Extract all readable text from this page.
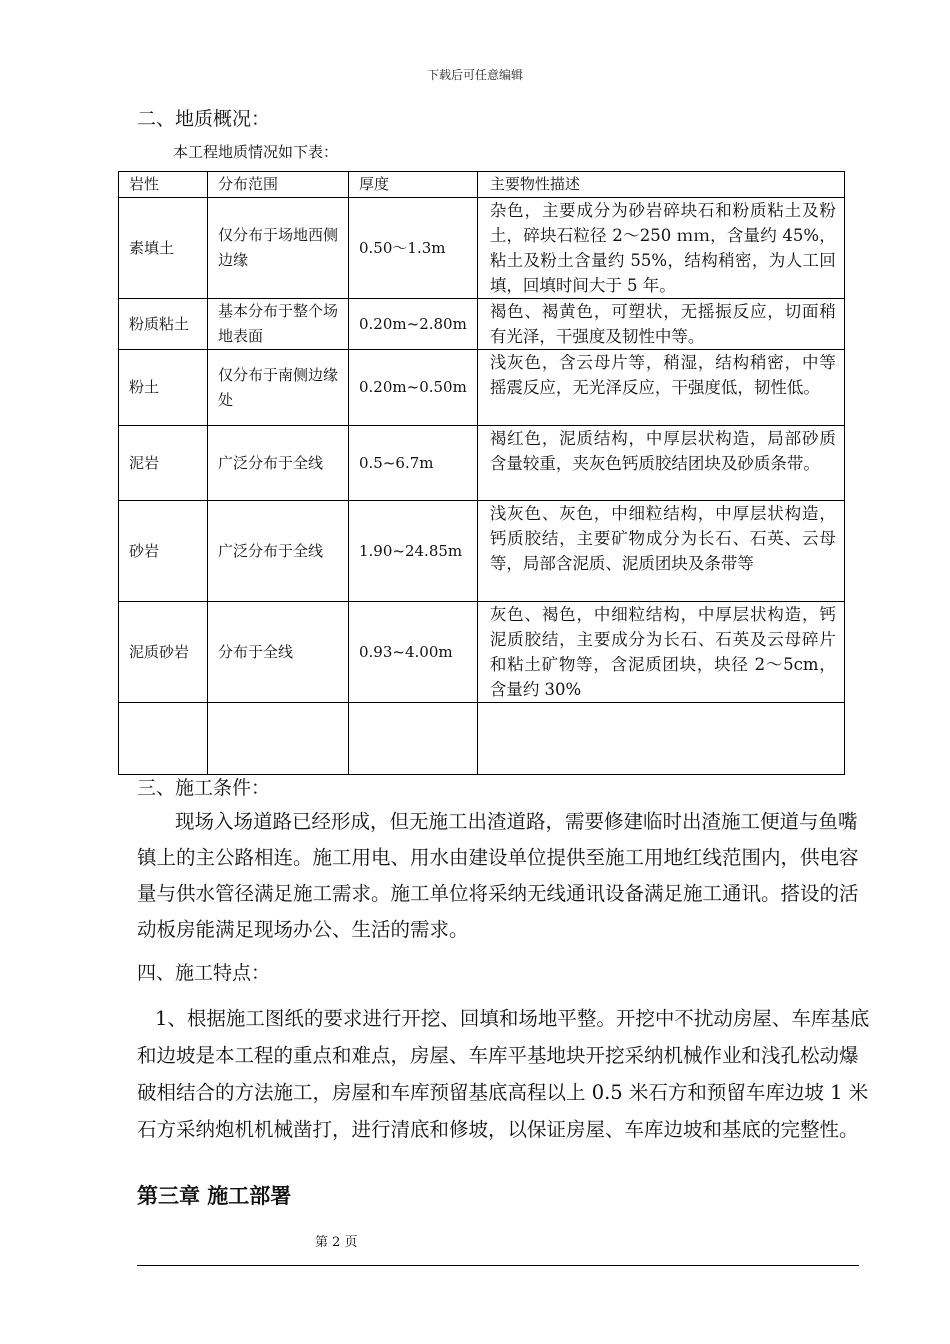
下载后可任意编辑
二、地质概况：
本工程地质情况如下表：
岩性	分布范围	厚度	主要物性描述
素填土	仅分布于场地西侧边缘	0.50～1.3m	杂色，主要成分为砂岩碎块石和粉质粘土及粉土，碎块石粒径 2～250 ｍｍ，含量约 45%，粘土及粉土含量约 55%，结构稍密，为人工回填，回填时间大于 5 年。
粉质粘土	基本分布于整个场地表面	0.20m~2.80m	褐色、褐黄色，可塑状，无摇振反应，切面稍有光泽，干强度及韧性中等。
粉土	仅分布于南侧边缘处	0.20m~0.50m	浅灰色，含云母片等，稍湿，结构稍密，中等摇震反应，无光泽反应，干强度低，韧性低。
泥岩	广泛分布于全线	0.5~6.7m	褐红色，泥质结构，中厚层状构造，局部砂质含量较重，夹灰色钙质胶结团块及砂质条带。
砂岩	广泛分布于全线	1.90~24.85m	浅灰色、灰色，中细粒结构，中厚层状构造，钙质胶结，主要矿物成分为长石、石英、云母等，局部含泥质、泥质团块及条带等
泥质砂岩	分布于全线	0.93~4.00m	灰色、褐色，中细粒结构，中厚层状构造，钙泥质胶结，主要成分为长石、石英及云母碎片和粘土矿物等，含泥质团块，块径 2～5cm，含量约 30%

三、施工条件：
现场入场道路已经形成，但无施工出渣道路，需要修建临时出渣施工便道与鱼嘴镇上的主公路相连。施工用电、用水由建设单位提供至施工用地红线范围内，供电容量与供水管径满足施工需求。施工单位将采纳无线通讯设备满足施工通讯。搭设的活动板房能满足现场办公、生活的需求。
四、施工特点：
1、根据施工图纸的要求进行开挖、回填和场地平整。开挖中不扰动房屋、车库基底和边坡是本工程的重点和难点，房屋、车库平基地块开挖采纳机械作业和浅孔松动爆破相结合的方法施工，房屋和车库预留基底高程以上 0.5 米石方和预留车库边坡 1 米石方采纳炮机机械凿打，进行清底和修坡，以保证房屋、车库边坡和基底的完整性。
第三章 施工部署
第 2 页
